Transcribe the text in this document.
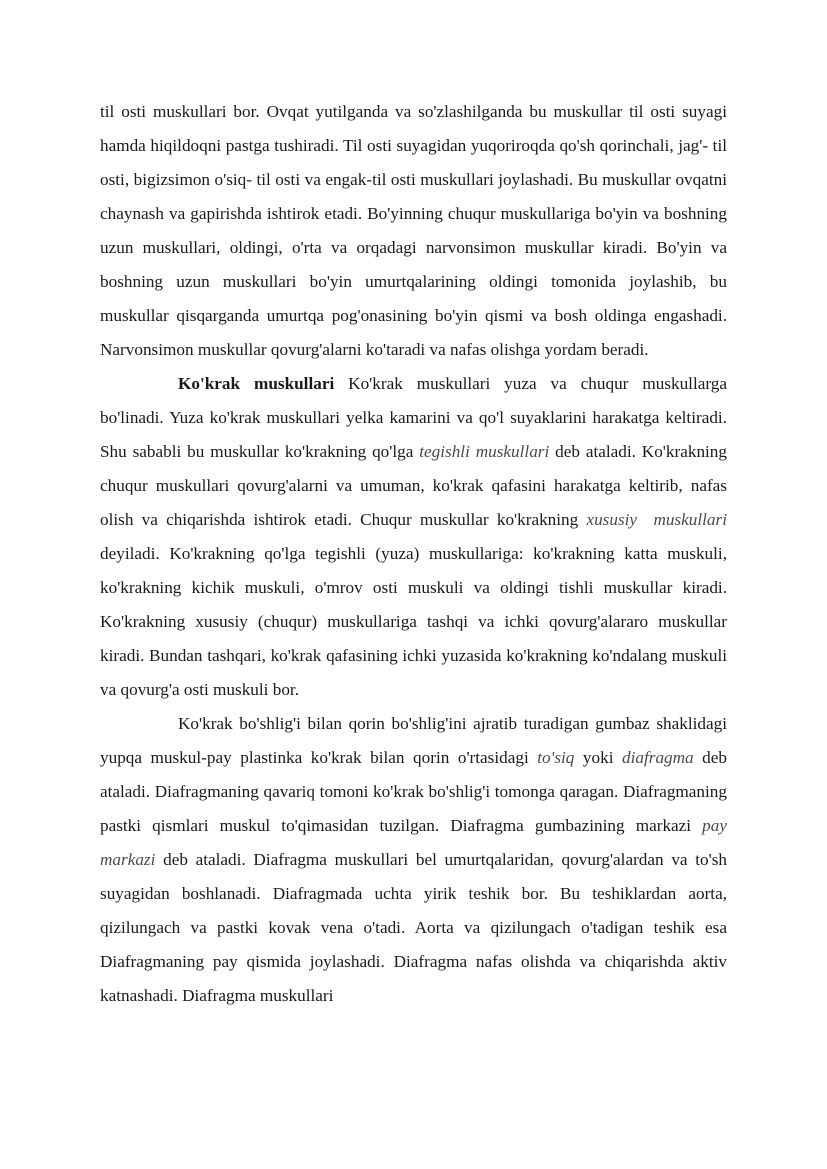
til osti muskullari bor. Ovqat yutilganda va so'zlashilganda bu muskullar til osti suyagi hamda hiqildoqni pastga tushiradi. Til osti suyagidan yuqoriroqda qo'sh qorinchali, jag'- til osti, bigizsimon o'siq- til osti va engak-til osti muskullari joylashadi. Bu muskullar ovqatni chaynash va gapirishda ishtirok etadi. Bo'yinning chuqur muskullariga bo'yin va boshning uzun muskullari, oldingi, o'rta va orqadagi narvonsimon muskullar kiradi. Bo'yin va boshning uzun muskullari bo'yin umurtqalarining oldingi tomonida joylashib, bu muskullar qisqarganda umurtqa pog'onasining bo'yin qismi va bosh oldinga engashadi. Narvonsimon muskullar qovurg'alarni ko'taradi va nafas olishga yordam beradi.

Ko'krak muskullari Ko'krak muskullari yuza va chuqur muskullarga bo'linadi. Yuza ko'krak muskullari yelka kamarini va qo'l suyaklarini harakatga keltiradi. Shu sababli bu muskullar ko'krakning qo'lga tegishli muskullari deb ataladi. Ko'krakning chuqur muskullari qovurg'alarni va umuman, ko'krak qafasini harakatga keltirib, nafas olish va chiqarishda ishtirok etadi. Chuqur muskullar ko'krakning xususiy  muskullari deyiladi. Ko'krakning qo'lga tegishli (yuza) muskullariga: ko'krakning katta muskuli, ko'krakning kichik muskuli, o'mrov osti muskuli va oldingi tishli muskullar kiradi. Ko'krakning xususiy (chuqur) muskullariga tashqi va ichki qovurg'alararo muskullar kiradi. Bundan tashqari, ko'krak qafasining ichki yuzasida ko'krakning ko'ndalang muskuli va qovurg'a osti muskuli bor.

Ko'krak bo'shlig'i bilan qorin bo'shlig'ini ajratib turadigan gumbaz shaklidagi yupqa muskul-pay plastinka ko'krak bilan qorin o'rtasidagi to'siq yoki diafragma deb ataladi. Diafragmaning qavariq tomoni ko'krak bo'shlig'i tomonga qaragan. Diafragmaning pastki qismlari muskul to'qimasidan tuzilgan. Diafragma gumbazining markazi pay markazi deb ataladi. Diafragma muskullari bel umurtqalaridan, qovurg'alardan va to'sh suyagidan boshlanadi. Diafragmada uchta yirik teshik bor. Bu teshiklardan aorta, qizilungach va pastki kovak vena o'tadi. Aorta va qizilungach o'tadigan teshik esa Diafragmaning pay qismida joylashadi. Diafragma nafas olishda va chiqarishda aktiv katnashadi. Diafragma muskullari
